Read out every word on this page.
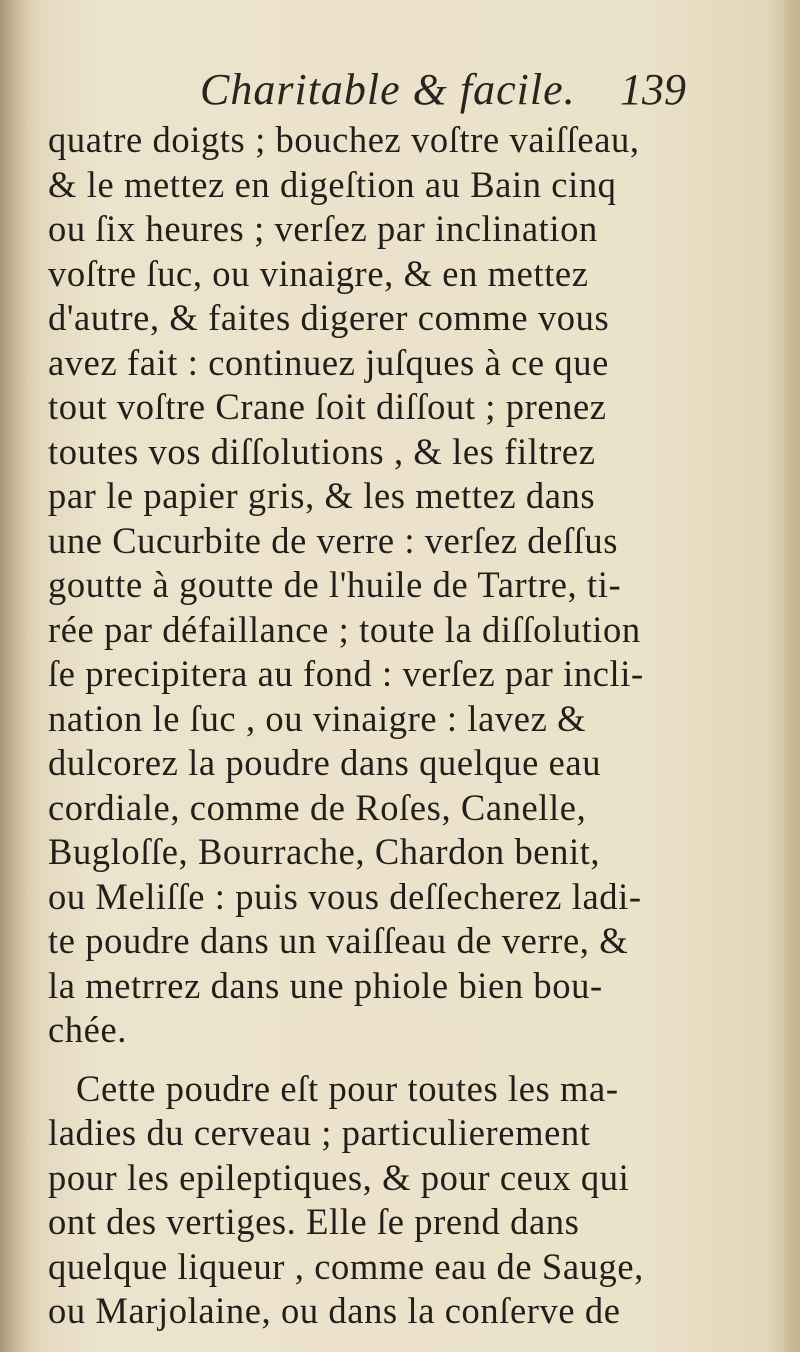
Charitable & facile. 139
quatre doigts ; bouchez voſtre vaiſſeau,
& le mettez en digeſtion au Bain cinq
ou ſix heures ; verſez par inclination
voſtre ſuc, ou vinaigre, & en mettez
d'autre, & faites digerer comme vous
avez fait : continuez juſques à ce que
tout voſtre Crane ſoit diſſout ; prenez
toutes vos diſſolutions , & les filtrez
par le papier gris, & les mettez dans
une Cucurbite de verre : verſez deſſus
goutte à goutte de l'huile de Tartre, ti-
rée par défaillance ; toute la diſſolution
ſe precipitera au fond : verſez par incli-
nation le ſuc , ou vinaigre : lavez &
dulcorez la poudre dans quelque eau
cordiale, comme de Roſes, Canelle,
Bugloſſe, Bourrache, Chardon benit,
ou Meliſſe : puis vous deſſecherez ladi-
te poudre dans un vaiſſeau de verre, &
la metrrez dans une phiole bien bou-
chée.
Cette poudre eſt pour toutes les ma-
ladies du cerveau ; particulierement
pour les epileptiques, & pour ceux qui
ont des vertiges. Elle ſe prend dans
quelque liqueur , comme eau de Sauge,
ou Marjolaine, ou dans la conſerve de
